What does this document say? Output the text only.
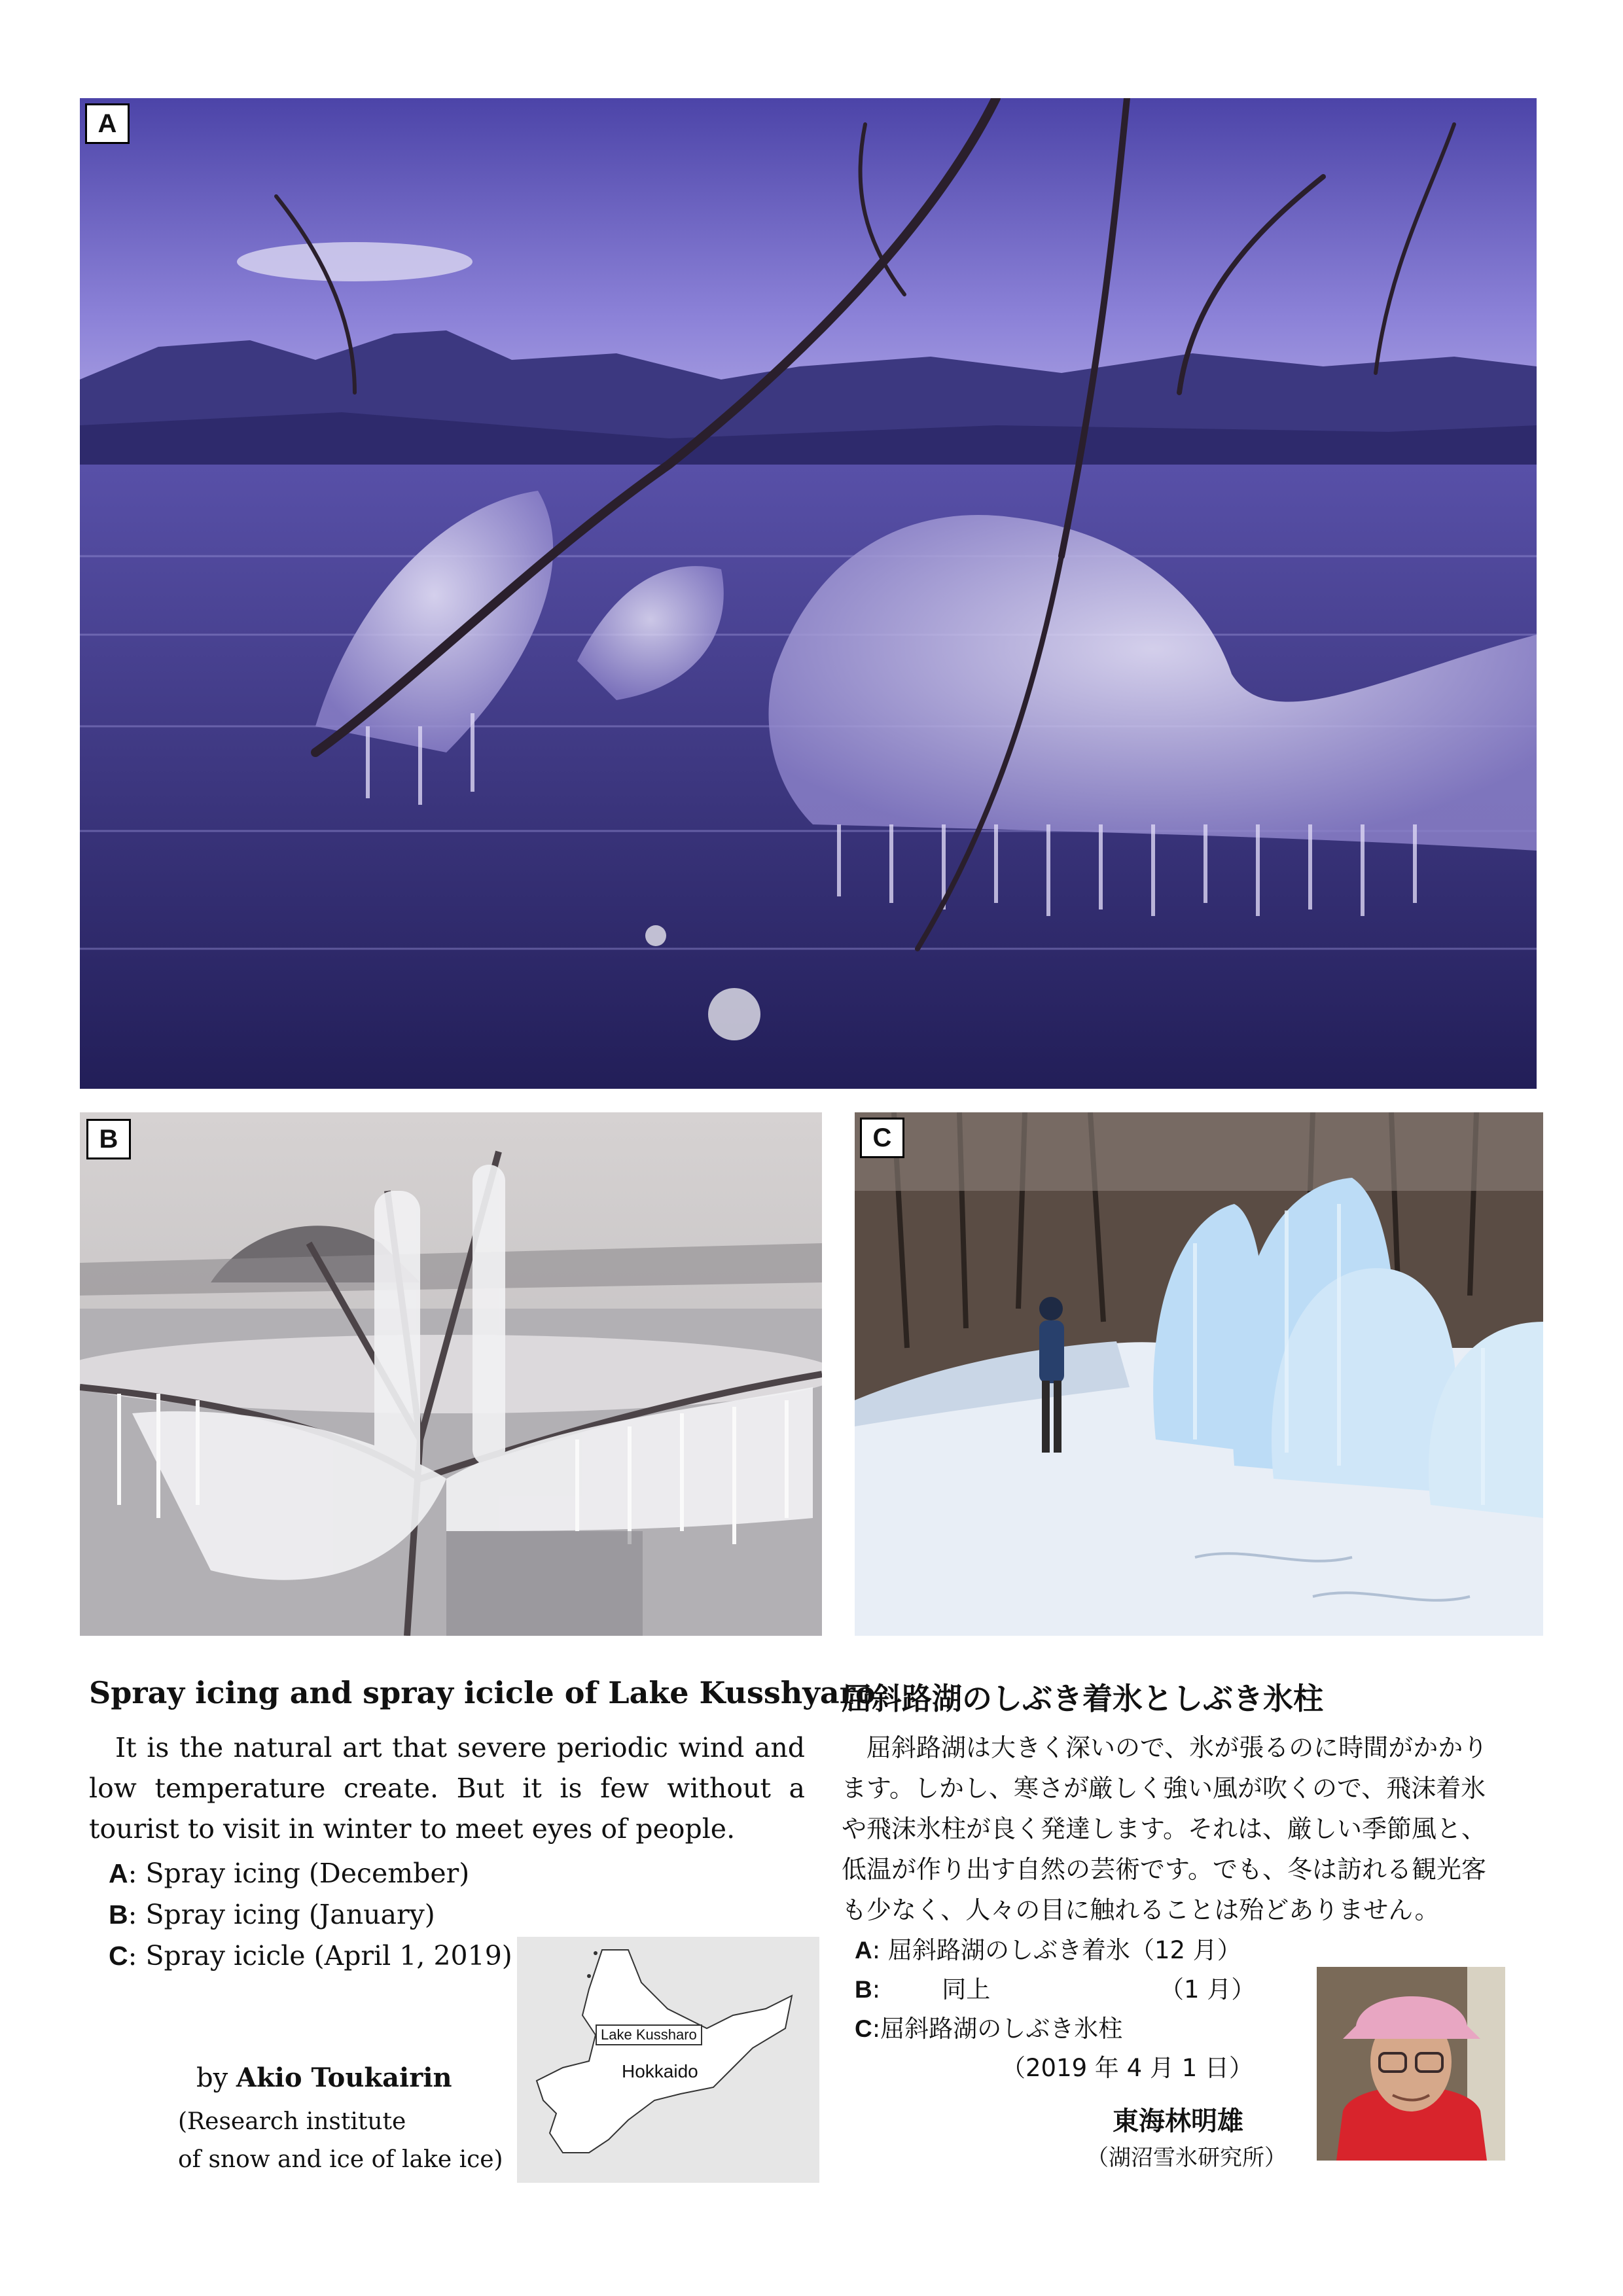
A
B	C
Spray icing and spray icicle of Lake Kusshyaro
It is the natural art that severe periodic wind and low temperature create. But it is few without a tourist to visit in winter to meet eyes of people.
A: Spray icing (December)
B: Spray icing (January)
C: Spray icicle (April 1, 2019)
by Akio Toukairin
(Research institute
of snow and ice of lake ice)
Lake Kussharo
Hokkaido
屈斜路湖のしぶき着氷としぶき氷柱
　屈斜路湖は大きく深いので、氷が張るのに時間がかかり
ます。しかし、寒さが厳しく強い風が吹くので、飛沫着氷
や飛沫氷柱が良く発達します。それは、厳しい季節風と、
低温が作り出す自然の芸術です。でも、冬は訪れる観光客
も少なく、人々の目に触れることは殆どありません。
A: 屈斜路湖のしぶき着氷（12 月）
B:        同上                      （1 月）
C:屈斜路湖のしぶき氷柱
（2019 年 4 月 1 日）
東海林明雄
（湖沼雪氷研究所）
